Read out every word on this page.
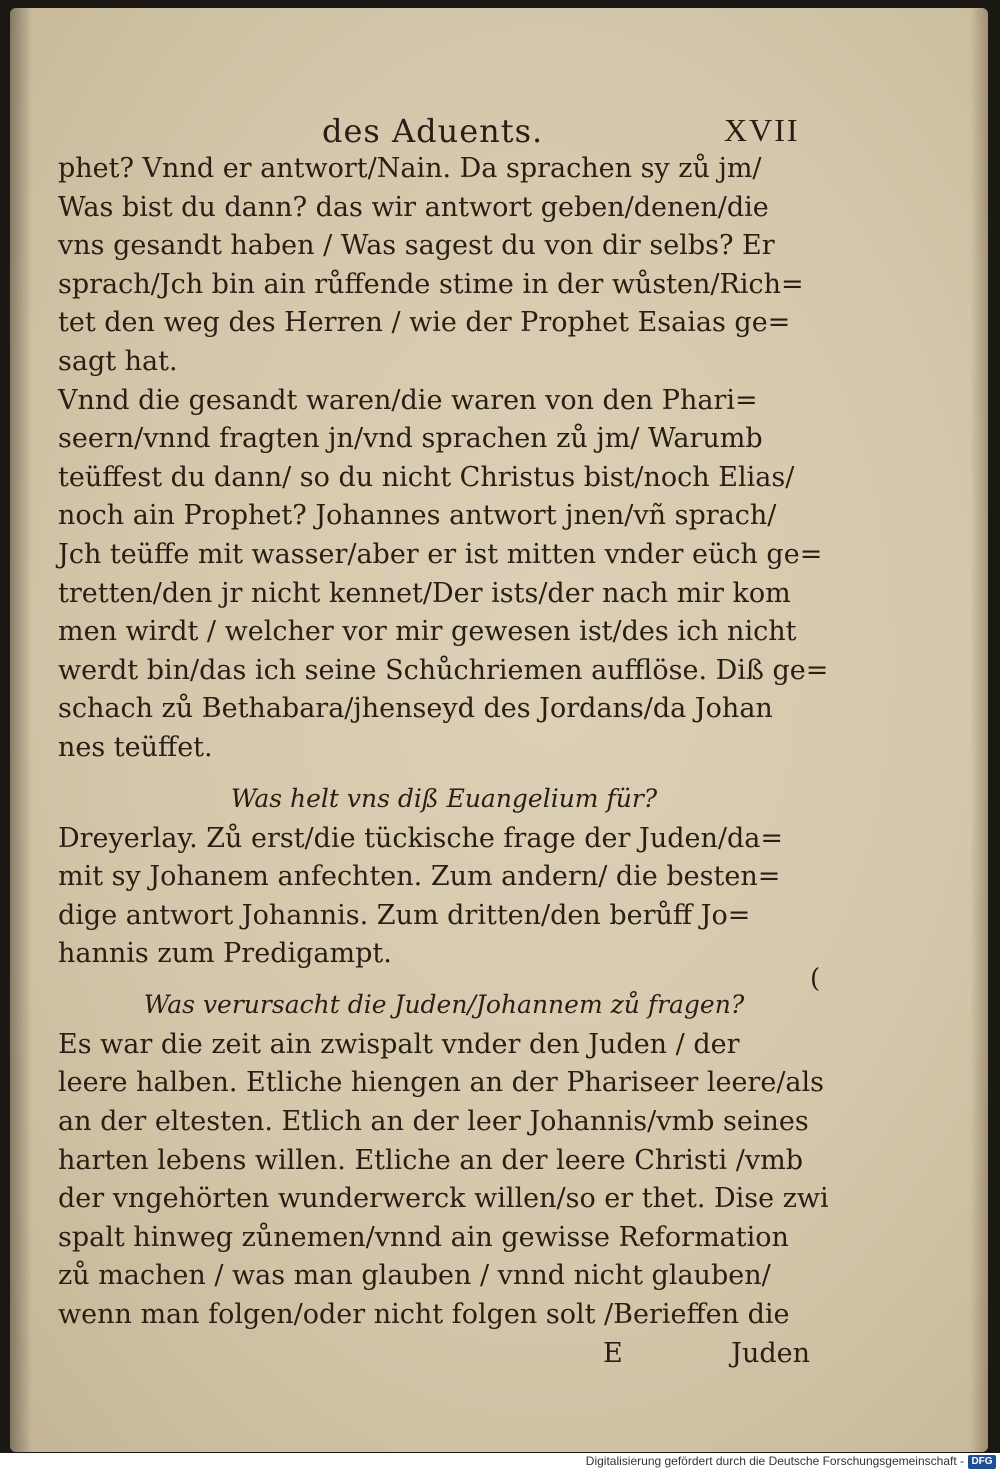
des Aduents.	XVII
phet? Vnnd er antwort/Nain. Da sprachen sy zů jm/
Was bist du dann? das wir antwort geben/denen/die
vns gesandt haben / Was sagest du von dir selbs? Er
sprach/Jch bin ain růffende stime in der wůsten/Rich=
tet den weg des Herren / wie der Prophet Esaias ge=
sagt hat.
Vnnd die gesandt waren/die waren von den Phari=
seern/vnnd fragten jn/vnd sprachen zů jm/ Warumb
teüffest du dann/ so du nicht Christus bist/noch Elias/
noch ain Prophet? Johannes antwort jnen/vñ sprach/
Jch teüffe mit wasser/aber er ist mitten vnder eüch ge=
tretten/den jr nicht kennet/Der ists/der nach mir kom
men wirdt / welcher vor mir gewesen ist/des ich nicht
werdt bin/das ich seine Schůchriemen aufflöse. Diß ge=
schach zů Bethabara/jhenseyd des Jordans/da Johan
nes teüffet.
Was helt vns diß Euangelium für?
Dreyerlay. Zů erst/die tückische frage der Juden/da=
mit sy Johanem anfechten. Zum andern/ die besten=
dige antwort Johannis. Zum dritten/den berůff Jo=
hannis zum Predigampt.
Was verursacht die Juden/Johannem zů fragen?
Es war die zeit ain zwispalt vnder den Juden / der
leere halben. Etliche hiengen an der Phariseer leere/als
an der eltesten. Etlich an der leer Johannis/vmb seines
harten lebens willen. Etliche an der leere Christi /vmb
der vngehörten wunderwerck willen/so er thet. Dise zwi
spalt hinweg zůnemen/vnnd ain gewisse Reformation
zů machen / was man glauben / vnnd nicht glauben/
wenn man folgen/oder nicht folgen solt /Berieffen die
E	Juden
(
Digitalisierung gefördert durch die Deutsche Forschungsgemeinschaft - DFG
